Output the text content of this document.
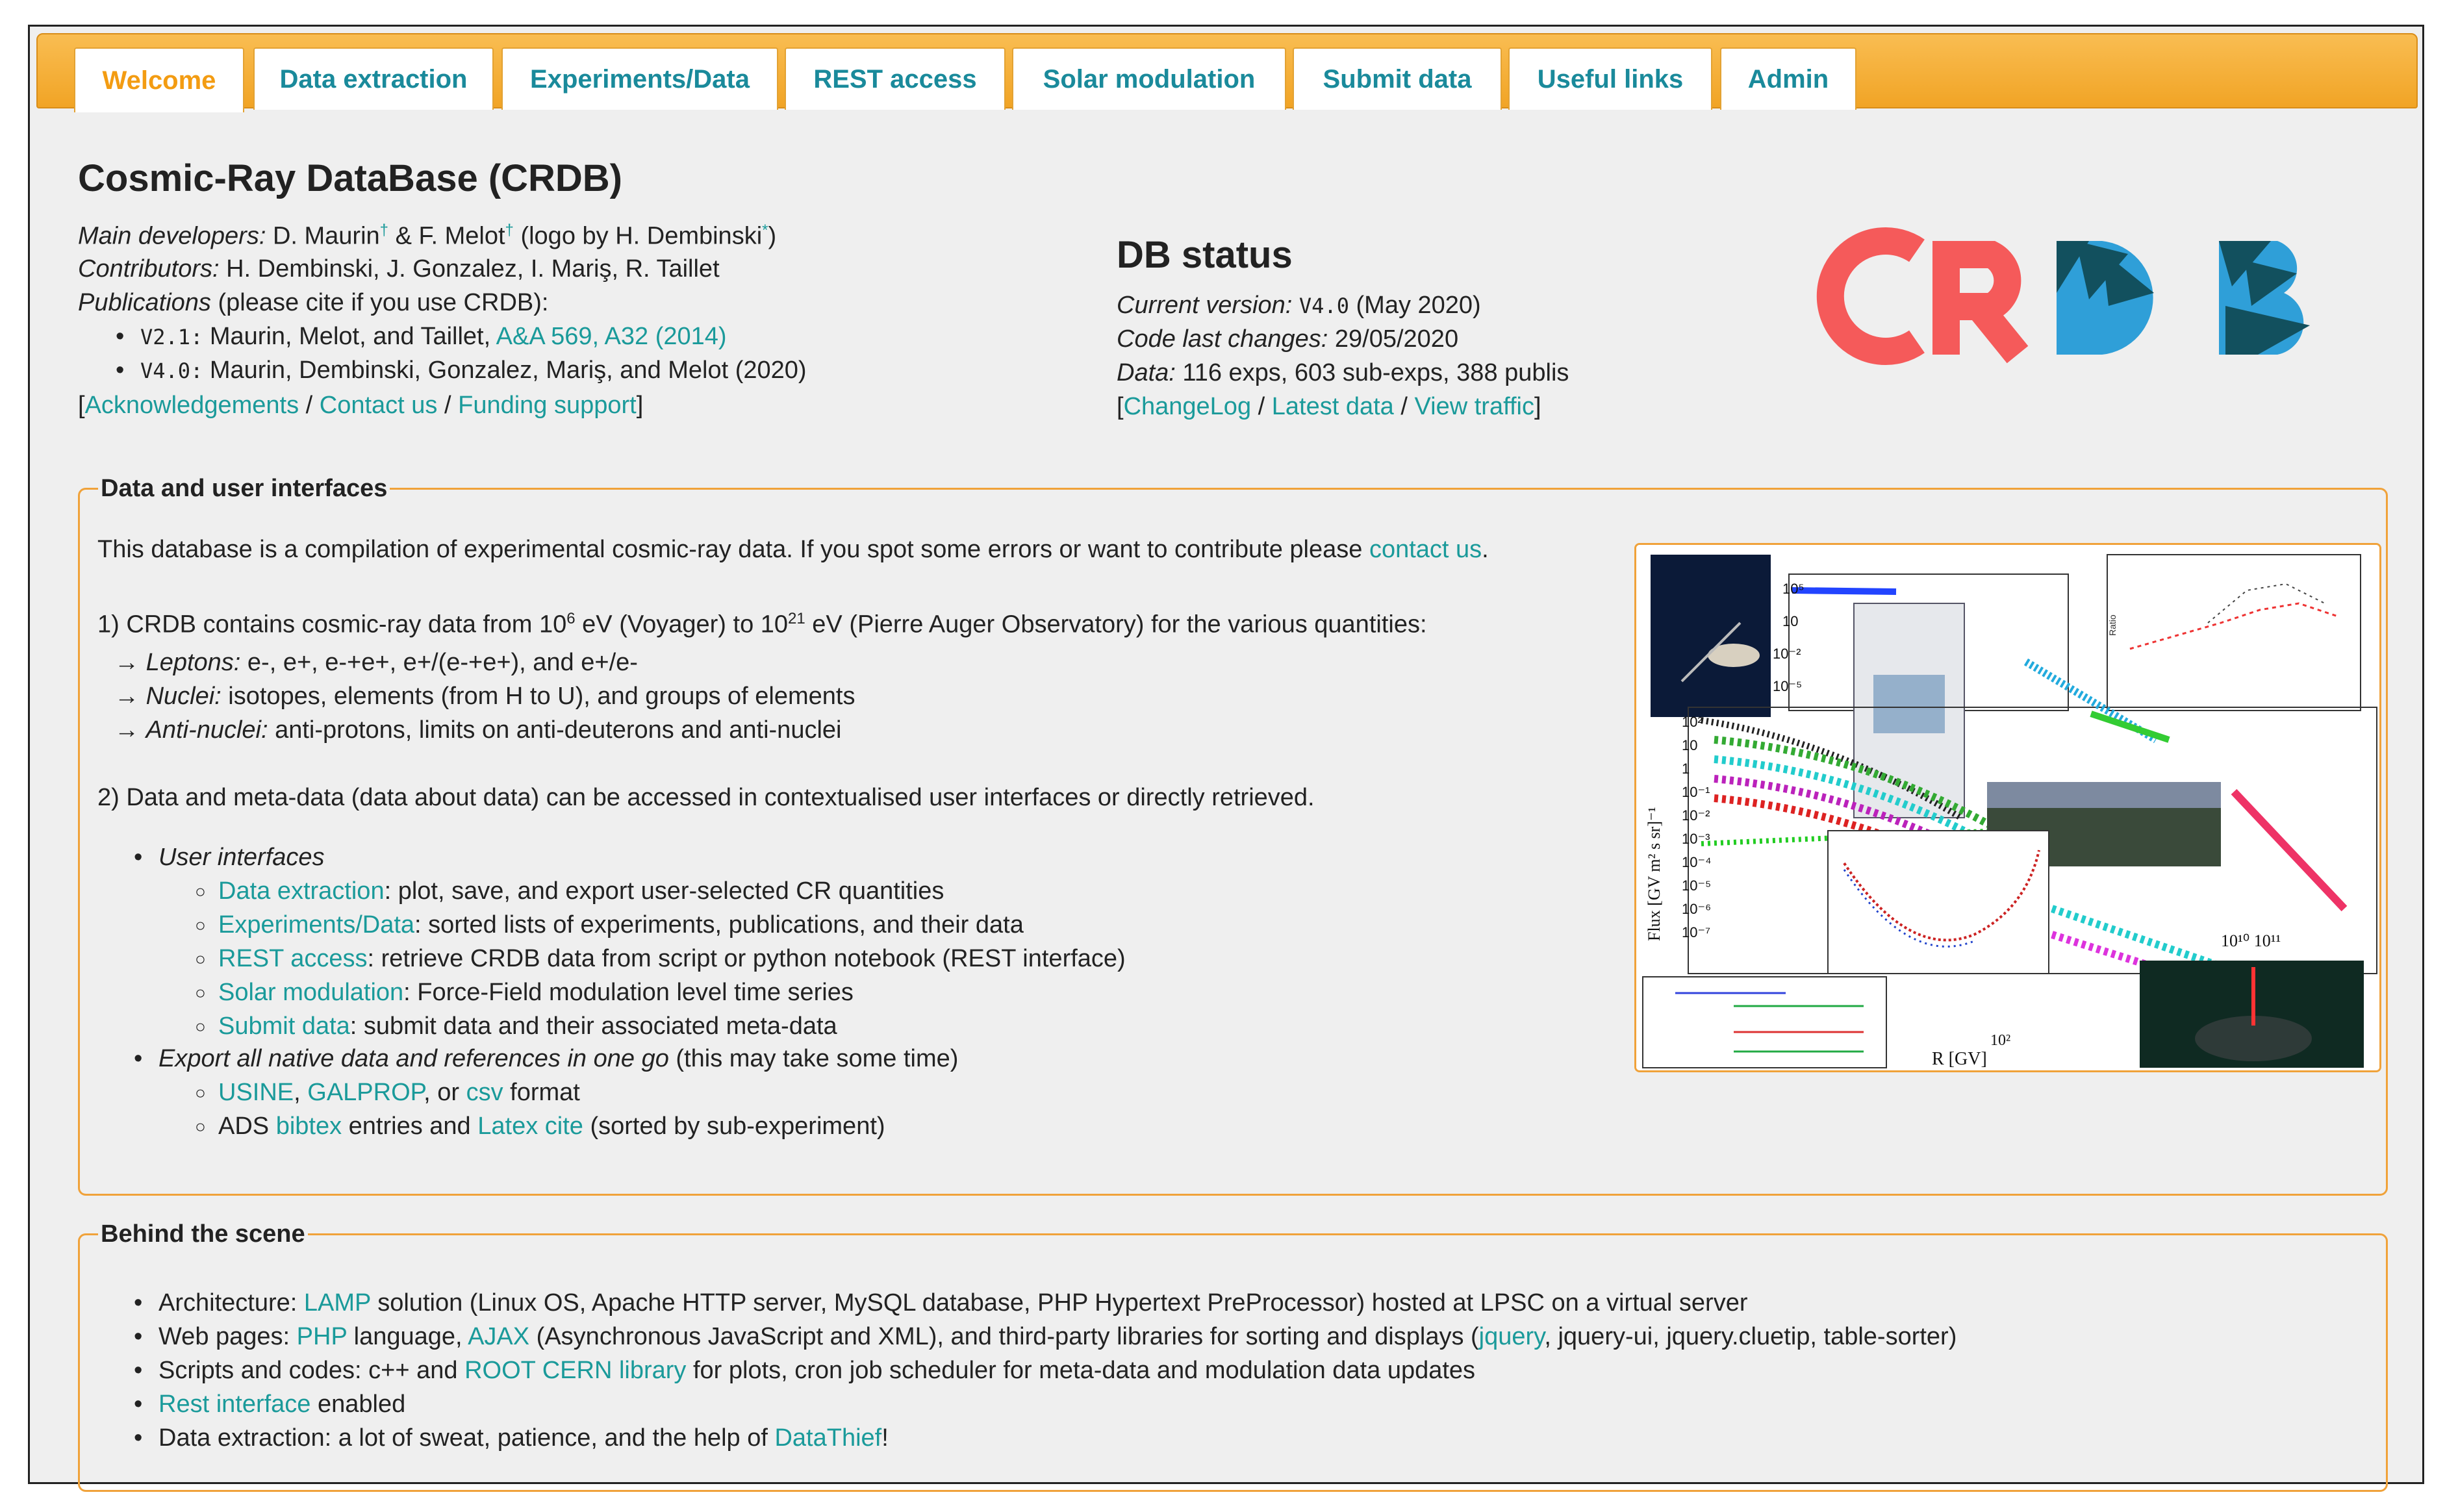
Welcome	Data extraction	Experiments/Data	REST access	Solar modulation	Submit data	Useful links	Admin
Cosmic-Ray DataBase (CRDB)
Main developers: D. Maurin† & F. Melot† (logo by H. Dembinski*)
Contributors: H. Dembinski, J. Gonzalez, I. Mariş, R. Taillet
Publications (please cite if you use CRDB):
• V2.1: Maurin, Melot, and Taillet, A&A 569, A32 (2014)
• V4.0: Maurin, Dembinski, Gonzalez, Mariş, and Melot (2020)
[Acknowledgements / Contact us / Funding support]
DB status
Current version: V4.0 (May 2020)
Code last changes: 29/05/2020
Data: 116 exps, 603 sub-exps, 388 publis
[ChangeLog / Latest data / View traffic]
Data and user interfaces
This database is a compilation of experimental cosmic-ray data. If you spot some errors or want to contribute please contact us.
1) CRDB contains cosmic-ray data from $10^6$ eV (Voyager) to $10^{21}$ eV (Pierre Auger Observatory) for the various quantities:
→ Leptons: e-, e+, e-+e+, e+/(e-+e+), and e+/e-
→ Nuclei: isotopes, elements (from H to U), and groups of elements
→ Anti-nuclei: anti-protons, limits on anti-deuterons and anti-nuclei
2) Data and meta-data (data about data) can be accessed in contextualised user interfaces or directly retrieved.
• User interfaces
○ Data extraction: plot, save, and export user-selected CR quantities
○ Experiments/Data: sorted lists of experiments, publications, and their data
○ REST access: retrieve CRDB data from script or python notebook (REST interface)
○ Solar modulation: Force-Field modulation level time series
○ Submit data: submit data and their associated meta-data
• Export all native data and references in one go (this may take some time)
○ USINE, GALPROP, or csv format
○ ADS bibtex entries and Latex cite (sorted by sub-experiment)
Ratio
10²
10
1
10⁻¹
10⁻²
10⁻³
10⁻⁴
10⁻⁵
10⁻⁶
10⁻⁷
10⁵
10
10⁻²
10⁻⁵
Flux [GV m² s sr]⁻¹
R [GV]
10²
10¹⁰ 10¹¹
Behind the scene
• Architecture: LAMP solution (Linux OS, Apache HTTP server, MySQL database, PHP Hypertext PreProcessor) hosted at LPSC on a virtual server
• Web pages: PHP language, AJAX (Asynchronous JavaScript and XML), and third-party libraries for sorting and displays (jquery, jquery-ui, jquery.cluetip, table-sorter)
• Scripts and codes: c++ and ROOT CERN library for plots, cron job scheduler for meta-data and modulation data updates
• Rest interface enabled
• Data extraction: a lot of sweat, patience, and the help of DataThief!
